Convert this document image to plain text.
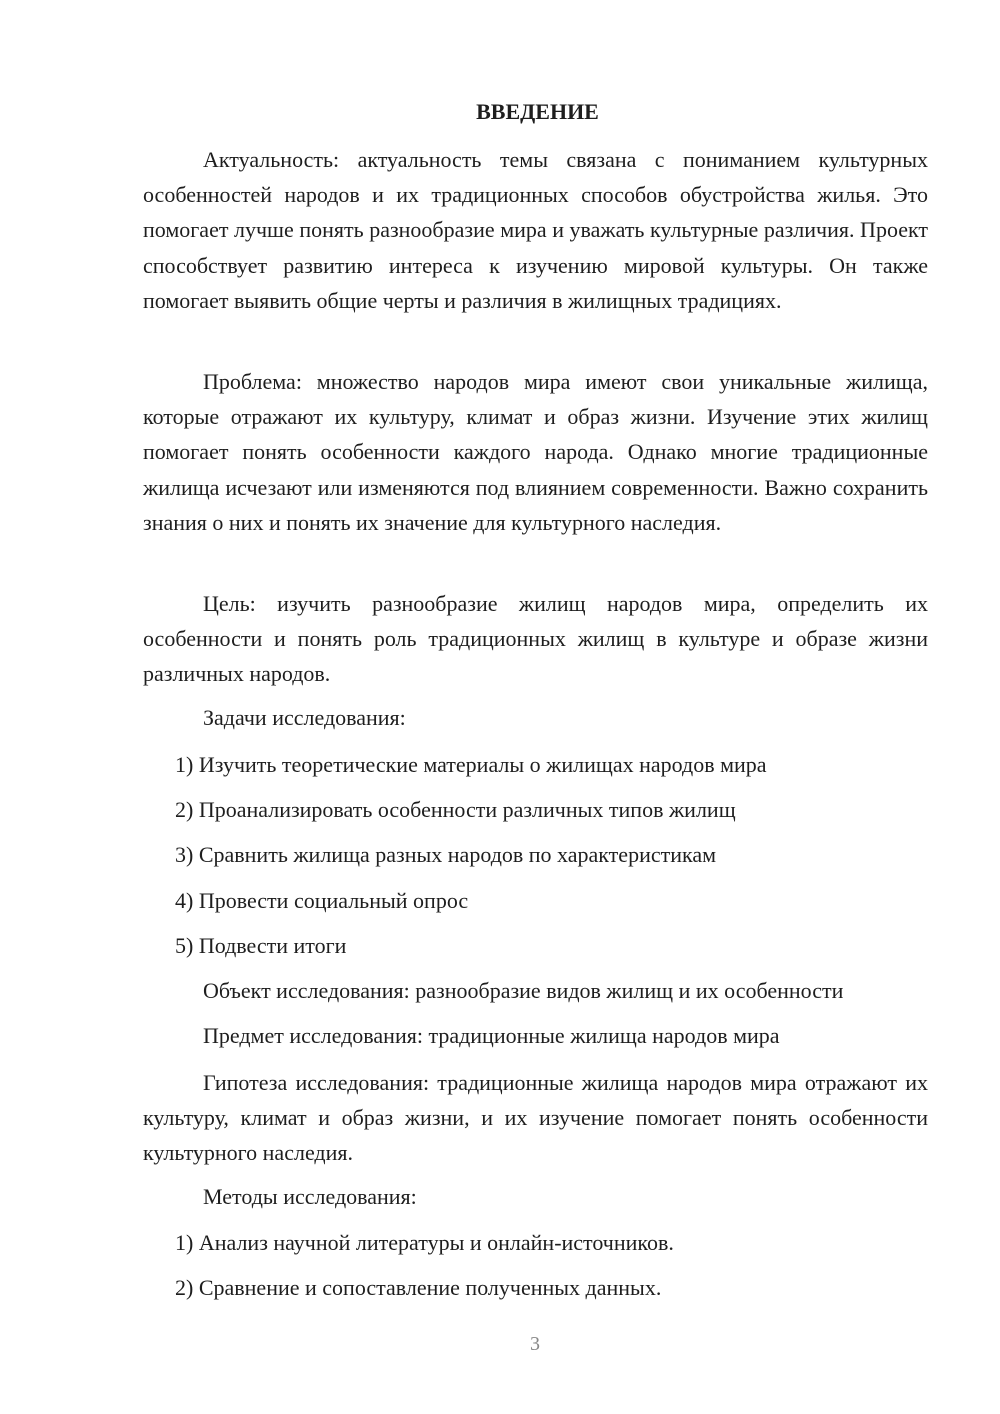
ВВЕДЕНИЕ

Актуальность: актуальность темы связана с пониманием культурных особенностей народов и их традиционных способов обустройства жилья. Это помогает лучше понять разнообразие мира и уважать культурные различия. Проект способствует развитию интереса к изучению мировой культуры. Он также помогает выявить общие черты и различия в жилищных традициях.

Проблема: множество народов мира имеют свои уникальные жилища, которые отражают их культуру, климат и образ жизни. Изучение этих жилищ помогает понять особенности каждого народа. Однако многие традиционные жилища исчезают или изменяются под влиянием современности. Важно сохранить знания о них и понять их значение для культурного наследия.

Цель: изучить разнообразие жилищ народов мира, определить их особенности и понять роль традиционных жилищ в культуре и образе жизни различных народов.

Задачи исследования:

1) Изучить теоретические материалы о жилищах народов мира

2) Проанализировать особенности различных типов жилищ

3) Сравнить жилища разных народов по характеристикам

4) Провести социальный опрос

5) Подвести итоги

Объект исследования: разнообразие видов жилищ и их особенности

Предмет исследования: традиционные жилища народов мира

Гипотеза исследования: традиционные жилища народов мира отражают их культуру, климат и образ жизни, и их изучение помогает понять особенности культурного наследия.

Методы исследования:

1) Анализ научной литературы и онлайн-источников.

2) Сравнение и сопоставление полученных данных.

3
